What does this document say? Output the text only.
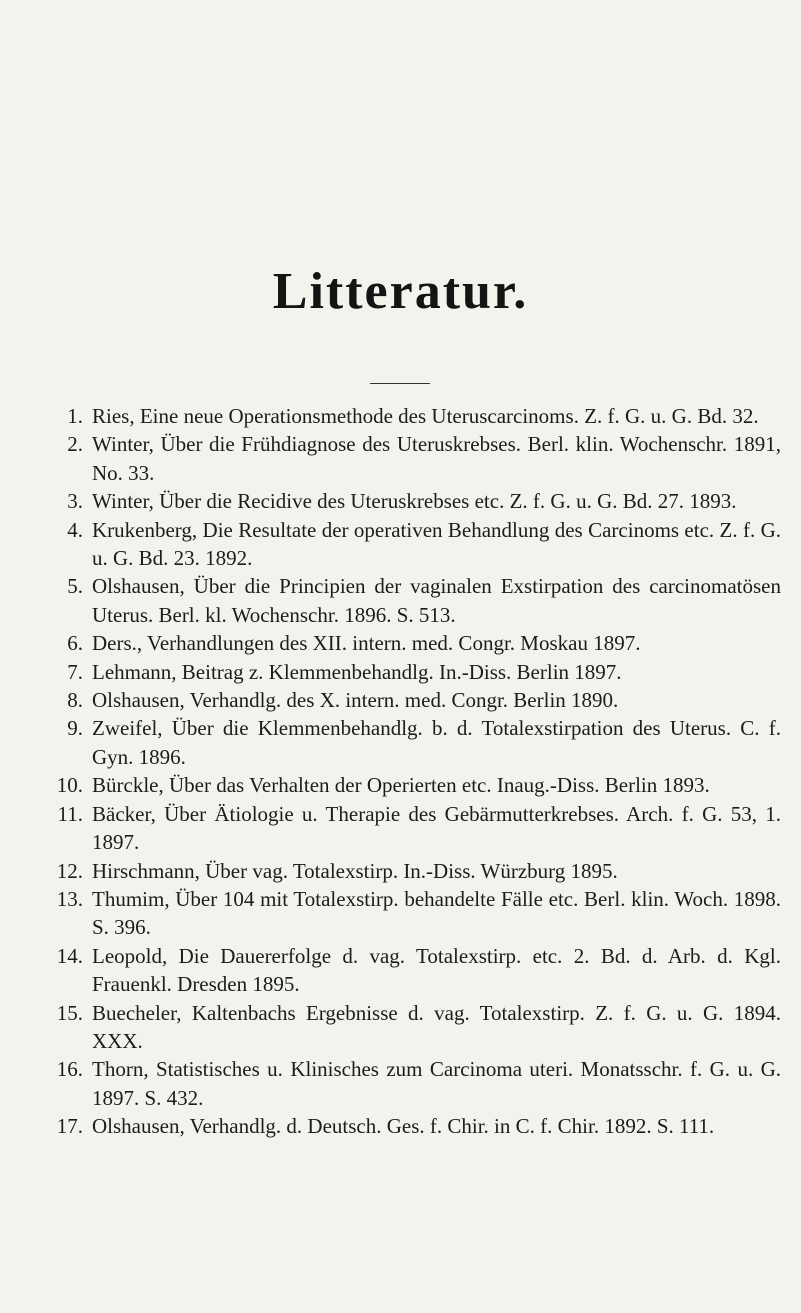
Litteratur.
1. Ries, Eine neue Operationsmethode des Uteruscarcinoms. Z. f. G. u. G. Bd. 32.
2. Winter, Über die Frühdiagnose des Uteruskrebses. Berl. klin. Wochenschr. 1891, No. 33.
3. Winter, Über die Recidive des Uteruskrebses etc. Z. f. G. u. G. Bd. 27. 1893.
4. Krukenberg, Die Resultate der operativen Behandlung des Carcinoms etc. Z. f. G. u. G. Bd. 23. 1892.
5. Olshausen, Über die Principien der vaginalen Exstirpation des carcinomatösen Uterus. Berl. kl. Wochenschr. 1896. S. 513.
6. Ders., Verhandlungen des XII. intern. med. Congr. Moskau 1897.
7. Lehmann, Beitrag z. Klemmenbehandlg. In.-Diss. Berlin 1897.
8. Olshausen, Verhandlg. des X. intern. med. Congr. Berlin 1890.
9. Zweifel, Über die Klemmenbehandlg. b. d. Totalexstirpation des Uterus. C. f. Gyn. 1896.
10. Bürckle, Über das Verhalten der Operierten etc. Inaug.-Diss. Berlin 1893.
11. Bäcker, Über Ätiologie u. Therapie des Gebärmutterkrebses. Arch. f. G. 53, 1. 1897.
12. Hirschmann, Über vag. Totalexstirp. In.-Diss. Würzburg 1895.
13. Thumim, Über 104 mit Totalexstirp. behandelte Fälle etc. Berl. klin. Woch. 1898. S. 396.
14. Leopold, Die Dauererfolge d. vag. Totalexstirp. etc. 2. Bd. d. Arb. d. Kgl. Frauenkl. Dresden 1895.
15. Buecheler, Kaltenbachs Ergebnisse d. vag. Totalexstirp. Z. f. G. u. G. 1894. XXX.
16. Thorn, Statistisches u. Klinisches zum Carcinoma uteri. Monatsschr. f. G. u. G. 1897. S. 432.
17. Olshausen, Verhandlg. d. Deutsch. Ges. f. Chir. in C. f. Chir. 1892. S. 111.
